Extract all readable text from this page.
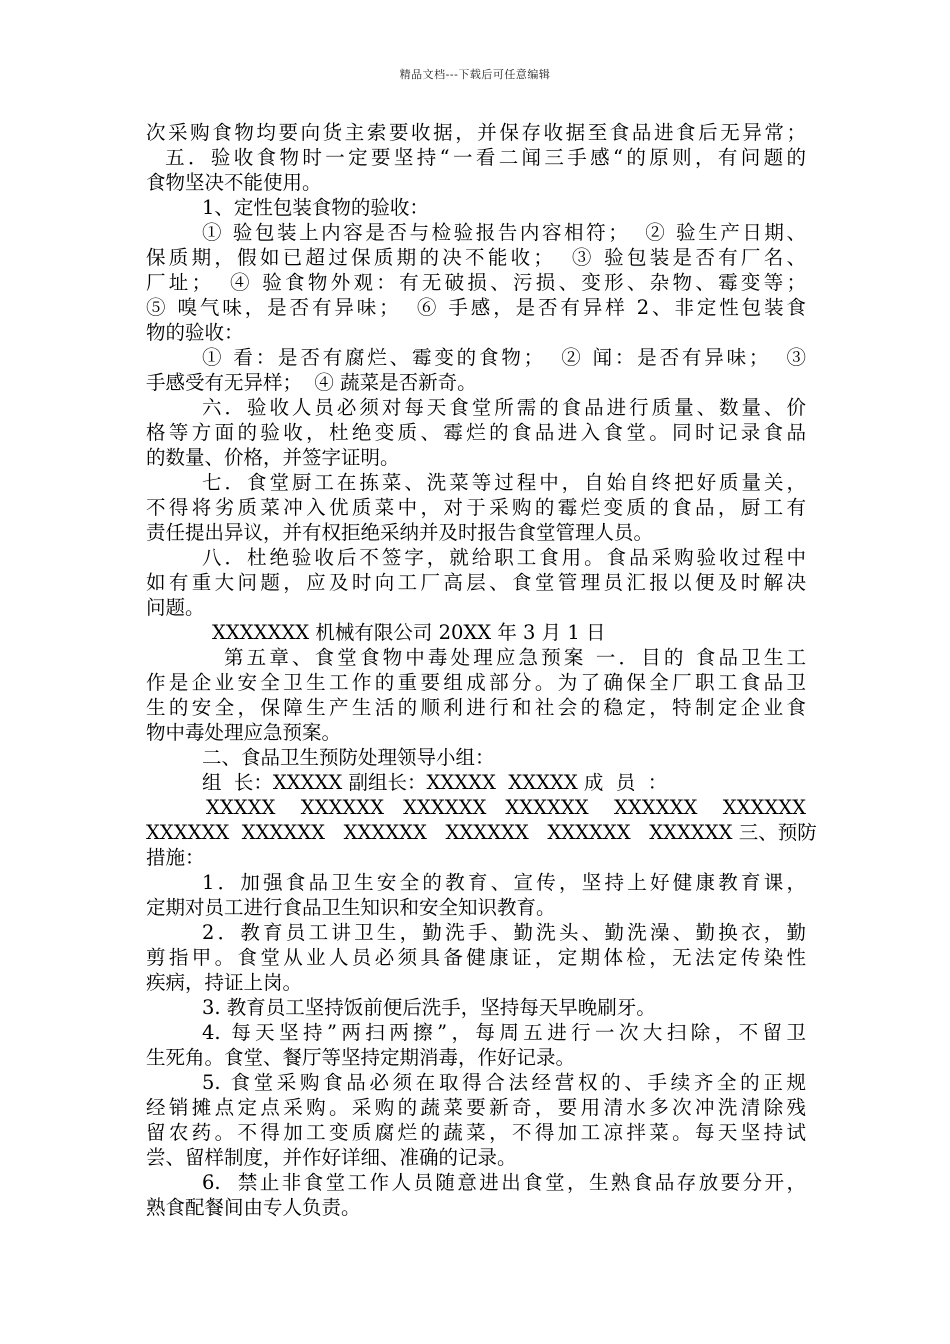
精品文档---下载后可任意编辑
次采购食物均要向货主索要收据，并保存收据至食品进食后无异常；
五．验收食物时一定要坚持“一看二闻三手感“的原则，有问题的
食物坚决不能使用。
1、定性包装食物的验收：
① 验包装上内容是否与检验报告内容相符；  ② 验生产日期、
保质期，假如已超过保质期的决不能收；  ③ 验包装是否有厂名、
厂址；  ④ 验食物外观：有无破损、污损、变形、杂物、霉变等；
⑤ 嗅气味，是否有异味；  ⑥ 手感，是否有异样 2、非定性包装食
物的验收：
① 看：是否有腐烂、霉变的食物；  ② 闻：是否有异味；  ③
手感受有无异样；  ④ 蔬菜是否新奇。
六．验收人员必须对每天食堂所需的食品进行质量、数量、价
格等方面的验收，杜绝变质、霉烂的食品进入食堂。同时记录食品
的数量、价格，并签字证明。
七．食堂厨工在拣菜、洗菜等过程中，自始自终把好质量关，
不得将劣质菜冲入优质菜中，对于采购的霉烂变质的食品，厨工有
责任提出异议，并有权拒绝采纳并及时报告食堂管理人员。
八．杜绝验收后不签字，就给职工食用。食品采购验收过程中
如有重大问题，应及时向工厂高层、食堂管理员汇报以便及时解决
问题。
XXXXXXX 机械有限公司 20XX 年 3 月 1 日
第五章、食堂食物中毒处理应急预案 一．目的 食品卫生工
作是企业安全卫生工作的重要组成部分。为了确保全厂职工食品卫
生的安全，保障生产生活的顺利进行和社会的稳定，特制定企业食
物中毒处理应急预案。
二、食品卫生预防处理领导小组：
组  长：XXXXX 副组长：XXXXX  XXXXX 成  员  ：
XXXXX    XXXXXX   XXXXXX   XXXXXX    XXXXXX    XXXXXX
XXXXXX  XXXXXX   XXXXXX   XXXXXX   XXXXXX   XXXXXX 三、预防
措施：
1．加强食品卫生安全的教育、宣传，坚持上好健康教育课，
定期对员工进行食品卫生知识和安全知识教育。
2．教育员工讲卫生，勤洗手、勤洗头、勤洗澡、勤换衣，勤
剪指甲。食堂从业人员必须具备健康证，定期体检，无法定传染性
疾病，持证上岗。
3. 教育员工坚持饭前便后洗手，坚持每天早晚刷牙。
4. 每天坚持”两扫两擦”，每周五进行一次大扫除，不留卫
生死角。食堂、餐厅等坚持定期消毒，作好记录。
5. 食堂采购食品必须在取得合法经营权的、手续齐全的正规
经销摊点定点采购。采购的蔬菜要新奇，要用清水多次冲洗清除残
留农药。不得加工变质腐烂的蔬菜，不得加工凉拌菜。每天坚持试
尝、留样制度，并作好详细、准确的记录。
6.  禁止非食堂工作人员随意进出食堂，生熟食品存放要分开，
熟食配餐间由专人负责。
